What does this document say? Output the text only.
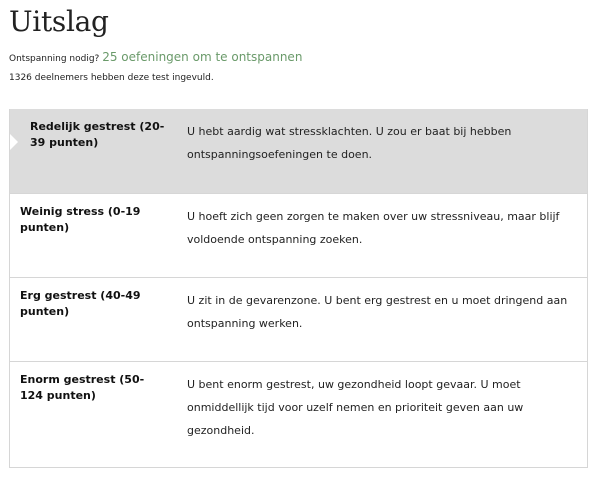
Uitslag
Ontspanning nodig? 25 oefeningen om te ontspannen
1326 deelnemers hebben deze test ingevuld.
Redelijk gestrest (20-39 punten)
U hebt aardig wat stressklachten. U zou er baat bij hebben ontspanningsoefeningen te doen.
Weinig stress (0-19 punten)
U hoeft zich geen zorgen te maken over uw stressniveau, maar blijf voldoende ontspanning zoeken.
Erg gestrest (40-49 punten)
U zit in de gevarenzone. U bent erg gestrest en u moet dringend aan ontspanning werken.
Enorm gestrest (50-124 punten)
U bent enorm gestrest, uw gezondheid loopt gevaar. U moet onmiddellijk tijd voor uzelf nemen en prioriteit geven aan uw gezondheid.
